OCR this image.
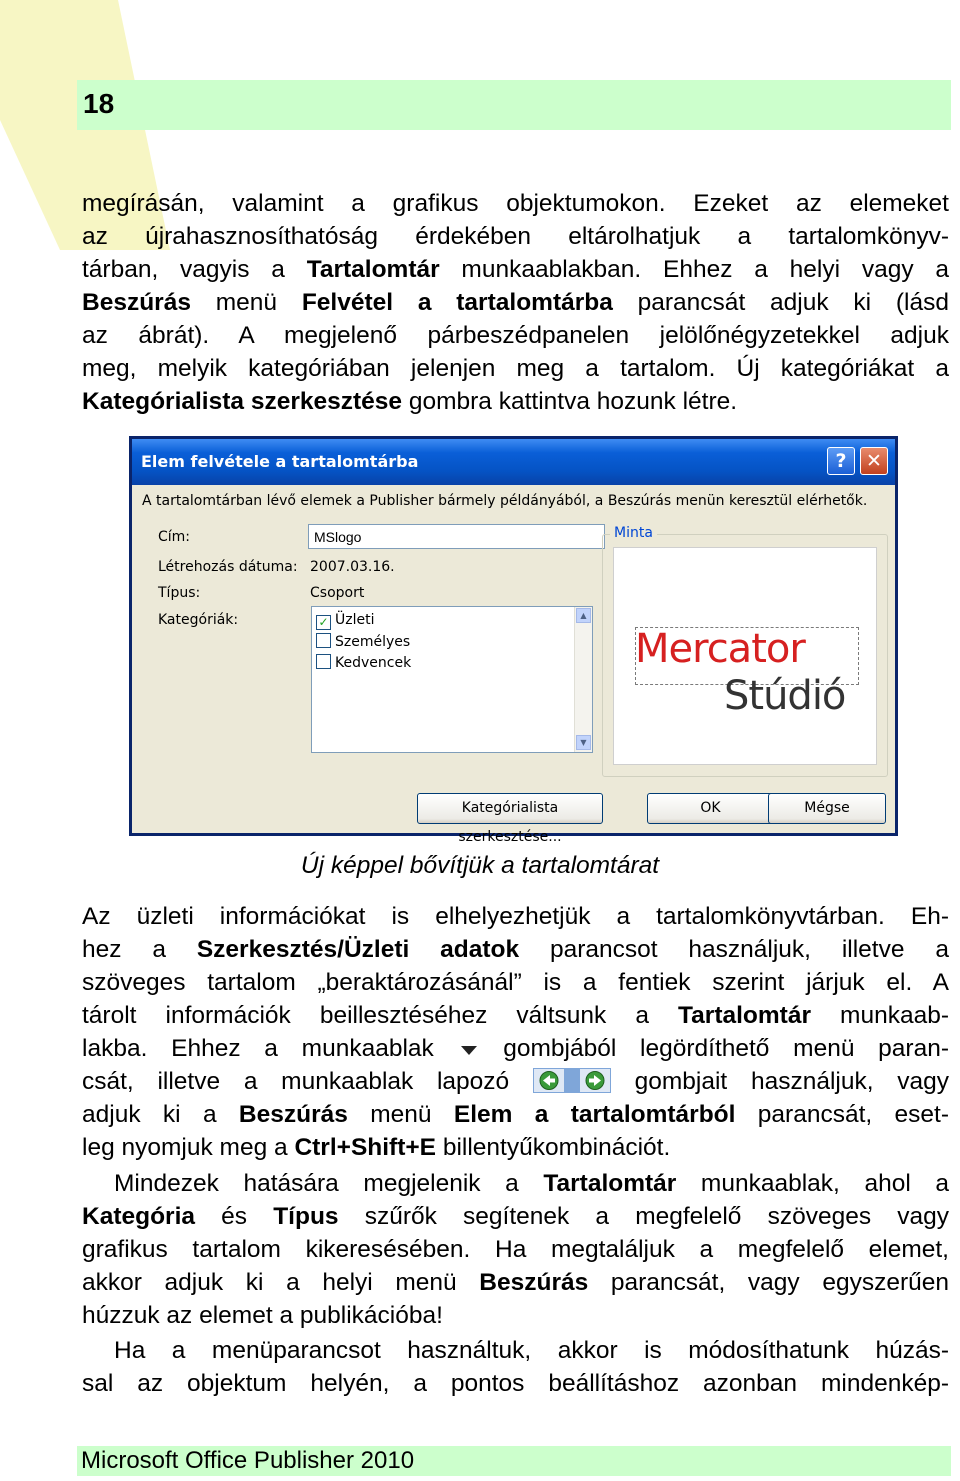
18
megírásán, valamint a grafikus objektumokon. Ezeket az elemeket
az újrahasznosíthatóság érdekében eltárolhatjuk a tartalomkönyv-
tárban, vagyis a Tartalomtár munkaablakban. Ehhez a helyi vagy a
Beszúrás menü Felvétel a tartalomtárba parancsát adjuk ki (lásd
az ábrát). A megjelenő párbeszédpanelen jelölőnégyzetekkel adjuk
meg, melyik kategóriában jelenjen meg a tartalom. Új kategóriákat a
Kategórialista szerkesztése gombra kattintva hozunk létre.
Elem felvétele a tartalomtárba	?	✕
A tartalomtárban lévő elemek a Publisher bármely példányából, a Beszúrás menün keresztül elérhetők.
Cím:
MSlogo
Létrehozás dátuma: 2007.03.16.
Típus:	Csoport
Kategóriák:	✓ Üzleti
Személyes
Kedvencek
▲
▼
Mercator
Stúdió
Minta
Kategórialista szerkesztése...
OK	Mégse
Új képpel bővítjük a tartalomtárat
Az üzleti információkat is elhelyezhetjük a tartalomkönyvtárban. Eh-
hez a Szerkesztés/Üzleti adatok parancsot használjuk, illetve a
szöveges tartalom „beraktározásánál” is a fentiek szerint járjuk el. A
tárolt információk beillesztéséhez váltsunk a Tartalomtár munkaab-
lakba. Ehhez a munkaablak  gombjából legördíthető menü paran-
csát, illetve a munkaablak lapozó	gombjait használjuk, vagy
adjuk ki a Beszúrás menü Elem a tartalomtárból parancsát, eset-
leg nyomjuk meg a Ctrl+Shift+E billentyűkombinációt.
Mindezek hatására megjelenik a Tartalomtár munkaablak, ahol a
Kategória és Típus szűrők segítenek a megfelelő szöveges vagy
grafikus tartalom kikeresésében. Ha megtaláljuk a megfelelő elemet,
akkor adjuk ki a helyi menü Beszúrás parancsát, vagy egyszerűen
húzzuk az elemet a publikációba!
Ha a menüparancsot használtuk, akkor is módosíthatunk húzás-
sal az objektum helyén, a pontos beállításhoz azonban mindenkép-
Microsoft Office Publisher 2010
